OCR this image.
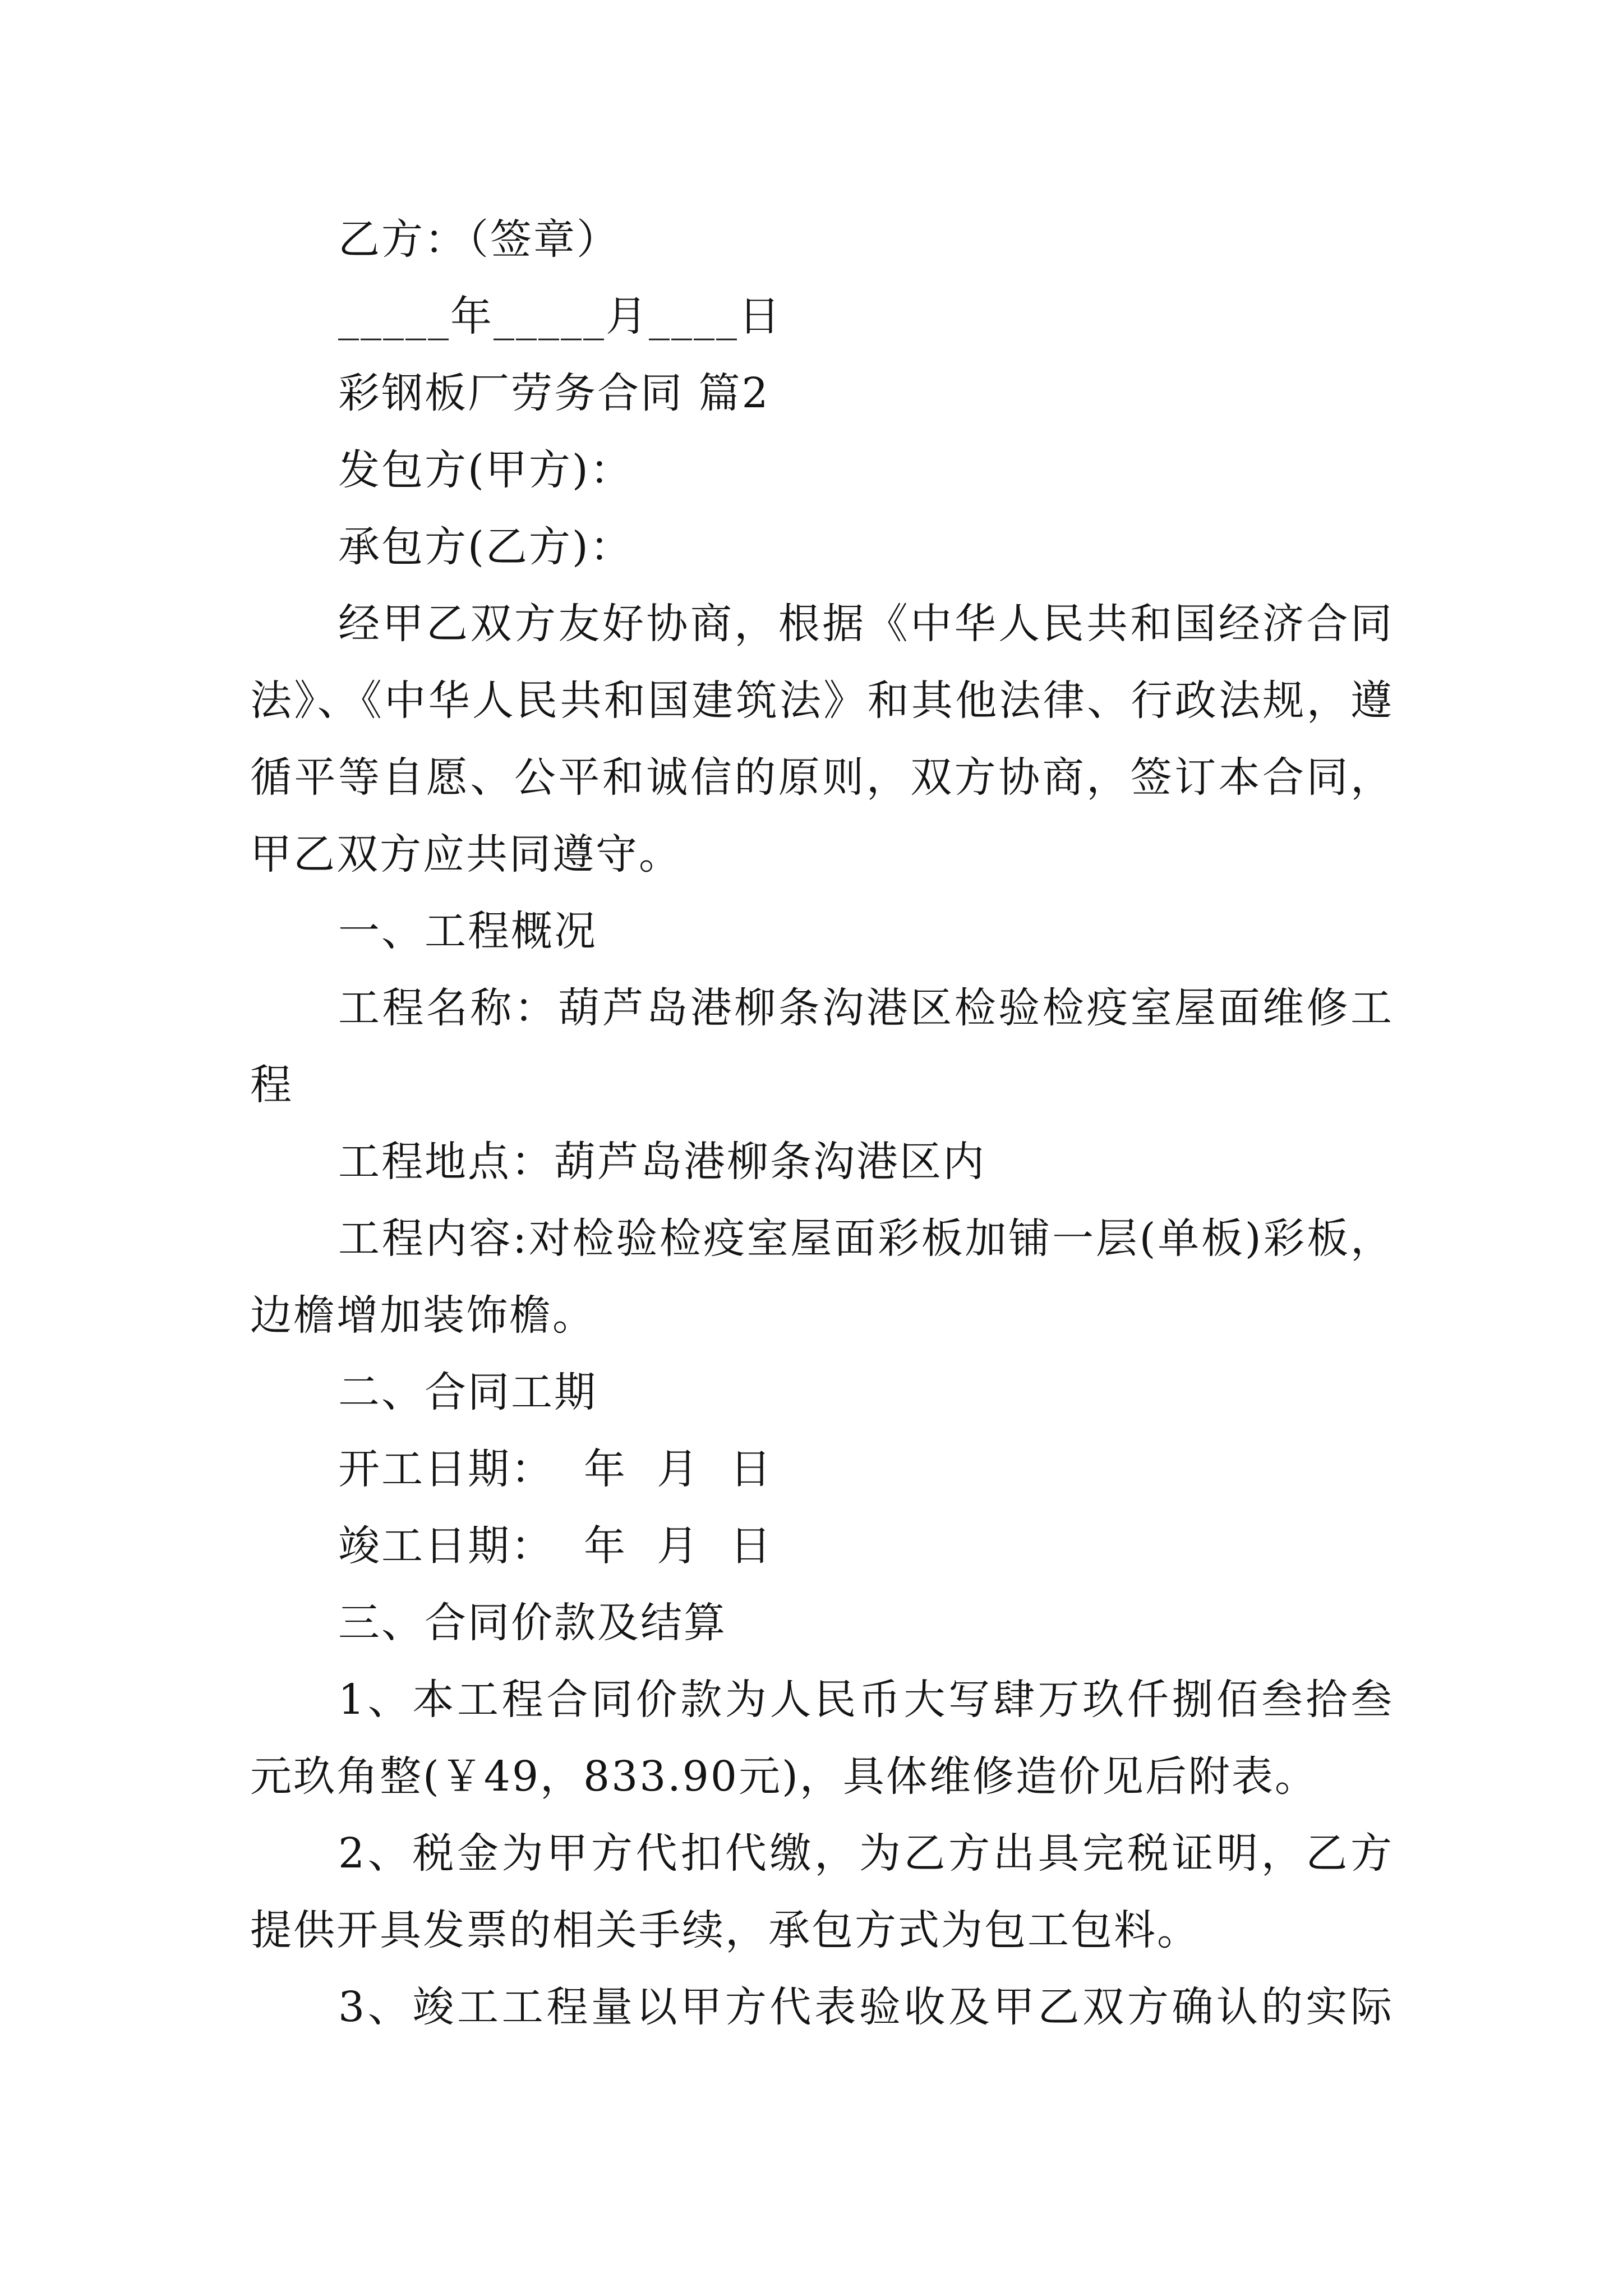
乙方：（签章）
_____年_____月____日
彩钢板厂劳务合同 篇2
发包方(甲方)：
承包方(乙方)：
经甲乙双方友好协商，根据《中华人民共和国经济合同
法》、《中华人民共和国建筑法》和其他法律、行政法规，遵
循平等自愿、公平和诚信的原则，双方协商，签订本合同，
甲乙双方应共同遵守。
一、工程概况
工程名称：葫芦岛港柳条沟港区检验检疫室屋面维修工
程
工程地点：葫芦岛港柳条沟港区内
工程内容:对检验检疫室屋面彩板加铺一层(单板)彩板，
边檐增加装饰檐。
二、合同工期
开工日期：  年  月  日
竣工日期：  年  月  日
三、合同价款及结算
1、本工程合同价款为人民币大写肆万玖仟捌佰叁拾叁
元玖角整(￥49，833.90元)，具体维修造价见后附表。
2、税金为甲方代扣代缴，为乙方出具完税证明，乙方
提供开具发票的相关手续，承包方式为包工包料。
3、竣工工程量以甲方代表验收及甲乙双方确认的实际
